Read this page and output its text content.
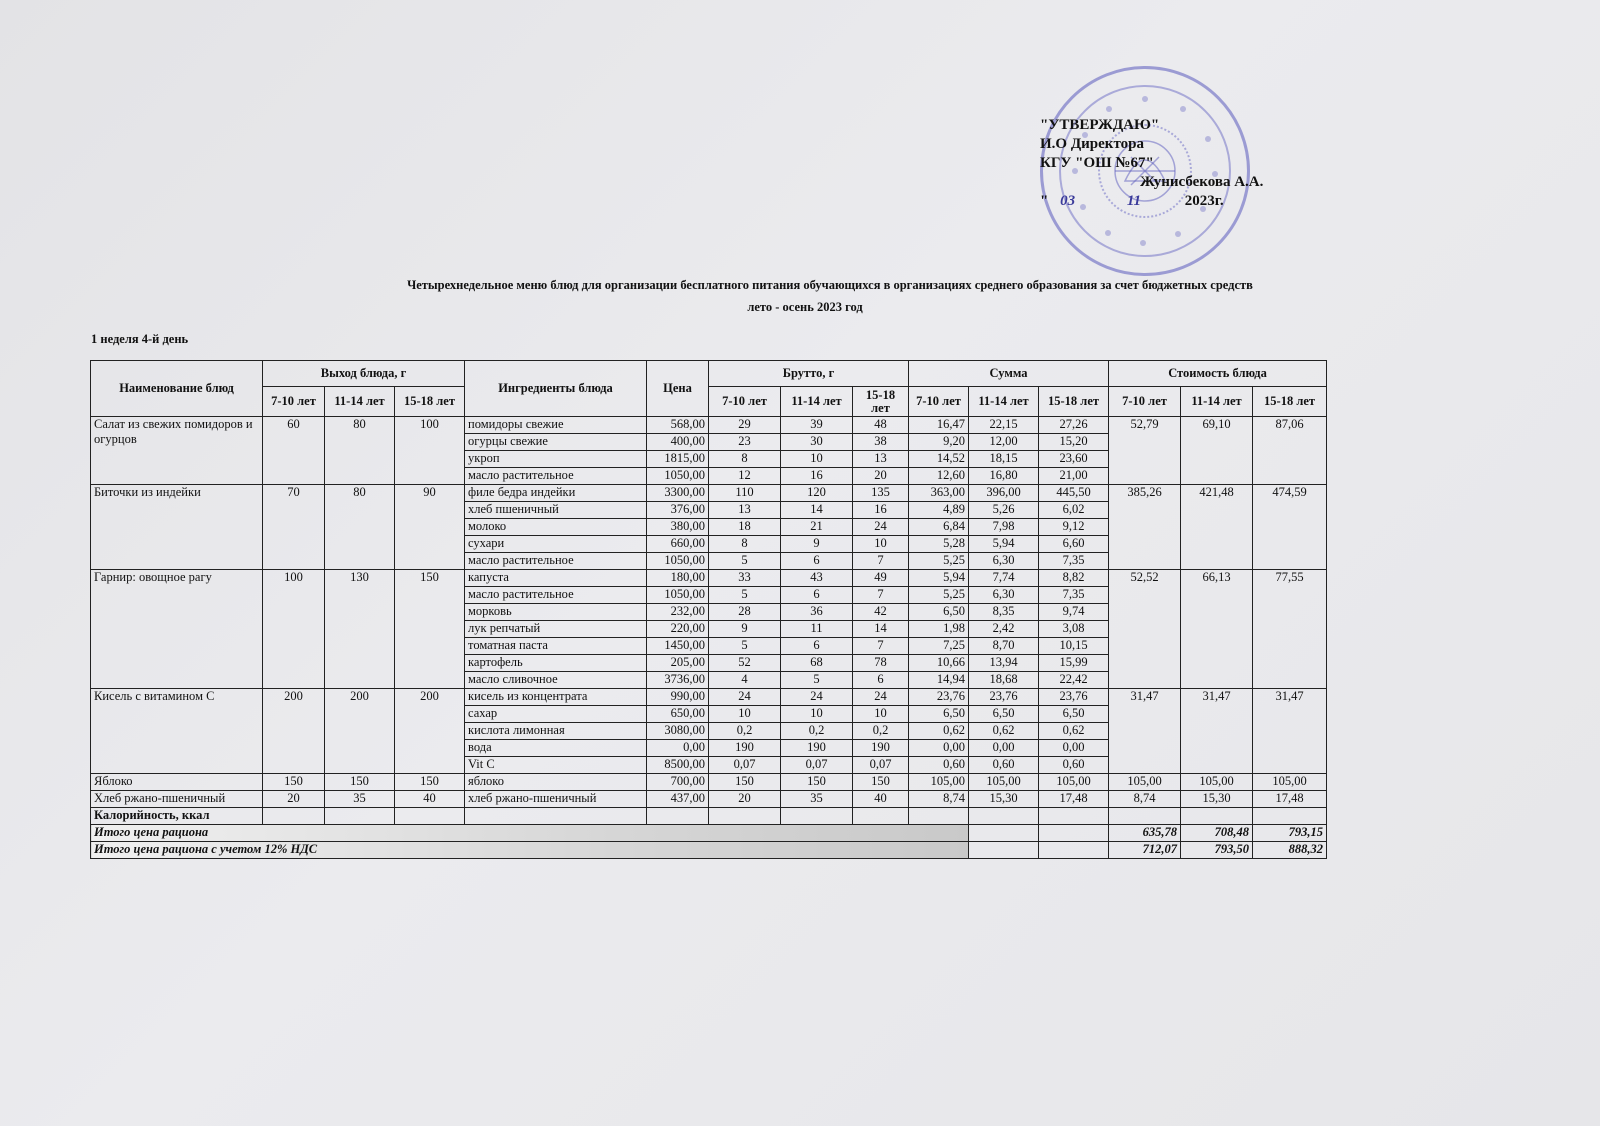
"УТВЕРЖДАЮ"
И.О Директора
КГУ "ОШ №67"
Жунисбекова А.А.
" 03	11	2023г.
Четырехнедельное меню блюд для организации бесплатного питания обучающихся в организациях среднего образования за счет бюджетных средств
лето - осень 2023 год
1 неделя 4-й день
Наименование блюд	Выход блюда, г			Ингредиенты блюда	Цена	Брутто, г			Сумма			Стоимость блюда		
	7-10 лет	11-14 лет	15-18 лет			7-10 лет	11-14 лет	15-18 лет	7-10 лет	11-14 лет	15-18 лет	7-10 лет	11-14 лет	15-18 лет
Салат из свежих помидоров и огурцов	60	80	100	помидоры свежие	568,00	29	39	48	16,47	22,15	27,26	52,79	69,10	87,06
				огурцы свежие	400,00	23	30	38	9,20	12,00	15,20			
				укроп	1815,00	8	10	13	14,52	18,15	23,60			
				масло растительное	1050,00	12	16	20	12,60	16,80	21,00			
Биточки из индейки	70	80	90	филе бедра индейки	3300,00	110	120	135	363,00	396,00	445,50	385,26	421,48	474,59
				хлеб пшеничный	376,00	13	14	16	4,89	5,26	6,02			
				молоко	380,00	18	21	24	6,84	7,98	9,12			
				сухари	660,00	8	9	10	5,28	5,94	6,60			
				масло растительное	1050,00	5	6	7	5,25	6,30	7,35			
Гарнир: овощное рагу	100	130	150	капуста	180,00	33	43	49	5,94	7,74	8,82	52,52	66,13	77,55
				масло растительное	1050,00	5	6	7	5,25	6,30	7,35			
				морковь	232,00	28	36	42	6,50	8,35	9,74			
				лук репчатый	220,00	9	11	14	1,98	2,42	3,08			
				томатная паста	1450,00	5	6	7	7,25	8,70	10,15			
				картофель	205,00	52	68	78	10,66	13,94	15,99			
				масло сливочное	3736,00	4	5	6	14,94	18,68	22,42			
Кисель с витамином С	200	200	200	кисель из концентрата	990,00	24	24	24	23,76	23,76	23,76	31,47	31,47	31,47
				сахар	650,00	10	10	10	6,50	6,50	6,50			
				кислота лимонная	3080,00	0,2	0,2	0,2	0,62	0,62	0,62			
				вода	0,00	190	190	190	0,00	0,00	0,00			
				Vit C	8500,00	0,07	0,07	0,07	0,60	0,60	0,60			
Яблоко	150	150	150	яблоко	700,00	150	150	150	105,00	105,00	105,00	105,00	105,00	105,00
Хлеб ржано-пшеничный	20	35	40	хлеб ржано-пшеничный	437,00	20	35	40	8,74	15,30	17,48	8,74	15,30	17,48
Калорийность, ккал														
Итого цена рациона												635,78	708,48	793,15
Итого цена рациона с учетом 12% НДС												712,07	793,50	888,32
